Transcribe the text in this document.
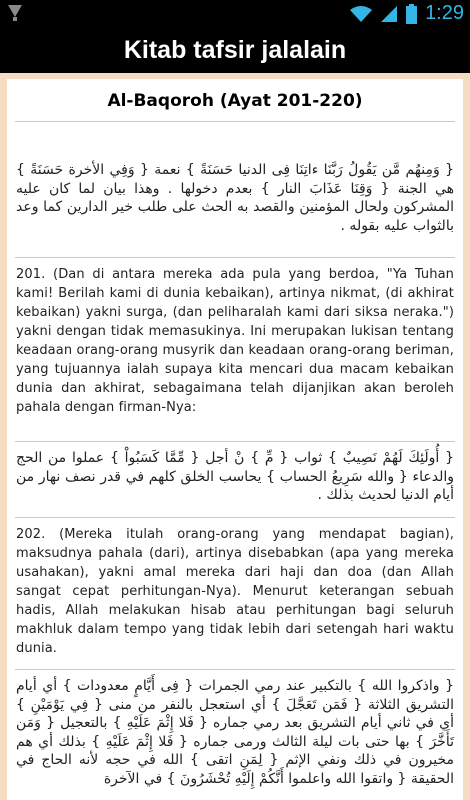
1:29
Kitab tafsir jalalain
Al-Baqoroh (Ayat 201-220)

{ وَمِنهُم مَّن يَقُولُ رَبَّنَا ءاتِنَا فِى الدنيا حَسَنَةً } نعمة { وَفِي الأخرة حَسَنَةً } هي الجنة { وَقِنَا عَذَابَ النار } بعدم دخولها . وهذا بيان لما كان عليه المشركون ولحال المؤمنين والقصد به الحث على طلب خير الدارين كما وعد بالثواب عليه بقوله .

201. (Dan di antara mereka ada pula yang berdoa, "Ya Tuhan kami! Berilah kami di dunia kebaikan), artinya nikmat, (di akhirat kebaikan) yakni surga, (dan peliharalah kami dari siksa neraka.") yakni dengan tidak memasukinya. Ini merupakan lukisan tentang keadaan orang-orang musyrik dan keadaan orang-orang beriman, yang tujuannya ialah supaya kita mencari dua macam kebaikan dunia dan akhirat, sebagaimana telah dijanjikan akan beroleh pahala dengan firman-Nya:

{ أُولَئِكَ لَهُمْ نَصِيبٌ } ثواب { مِّ } نْ أجل { مِّمَّا كَسَبُواْ } عملوا من الحج والدعاء { والله سَرِيعُ الحساب } يحاسب الخلق كلهم في قدر نصف نهار من أيام الدنيا لحديث بذلك .

202. (Mereka itulah orang-orang yang mendapat bagian), maksudnya pahala (dari), artinya disebabkan (apa yang mereka usahakan), yakni amal mereka dari haji dan doa (dan Allah sangat cepat perhitungan-Nya). Menurut keterangan sebuah hadis, Allah melakukan hisab atau perhitungan bagi seluruh makhluk dalam tempo yang tidak lebih dari setengah hari waktu dunia.

{ واذكروا الله } بالتكبير عند رمي الجمرات { فِى أَيَّامٍ معدودات } أي أيام التشريق الثلاثة { فَمَن تَعَجَّلَ } أي استعجل بالنفر من منى { فِي يَوْمَيْنِ } أي في ثاني أيام التشريق بعد رمي جماره { فَلا إِثْمَ عَلَيْهِ } بالتعجيل { وَمَن تَأَخَّرَ } بها حتى بات ليلة الثالث ورمى جماره { فَلا إِثْمَ عَلَيْهِ } بذلك أي هم مخيرون في ذلك ونفي الإثم { لِمَنِ اتقى } الله في حجه لأنه الحاج في الحقيقة { واتقوا الله واعلموا أَنَّكُمْ إِلَيْهِ تُحْشَرُونَ } في الآخرة
